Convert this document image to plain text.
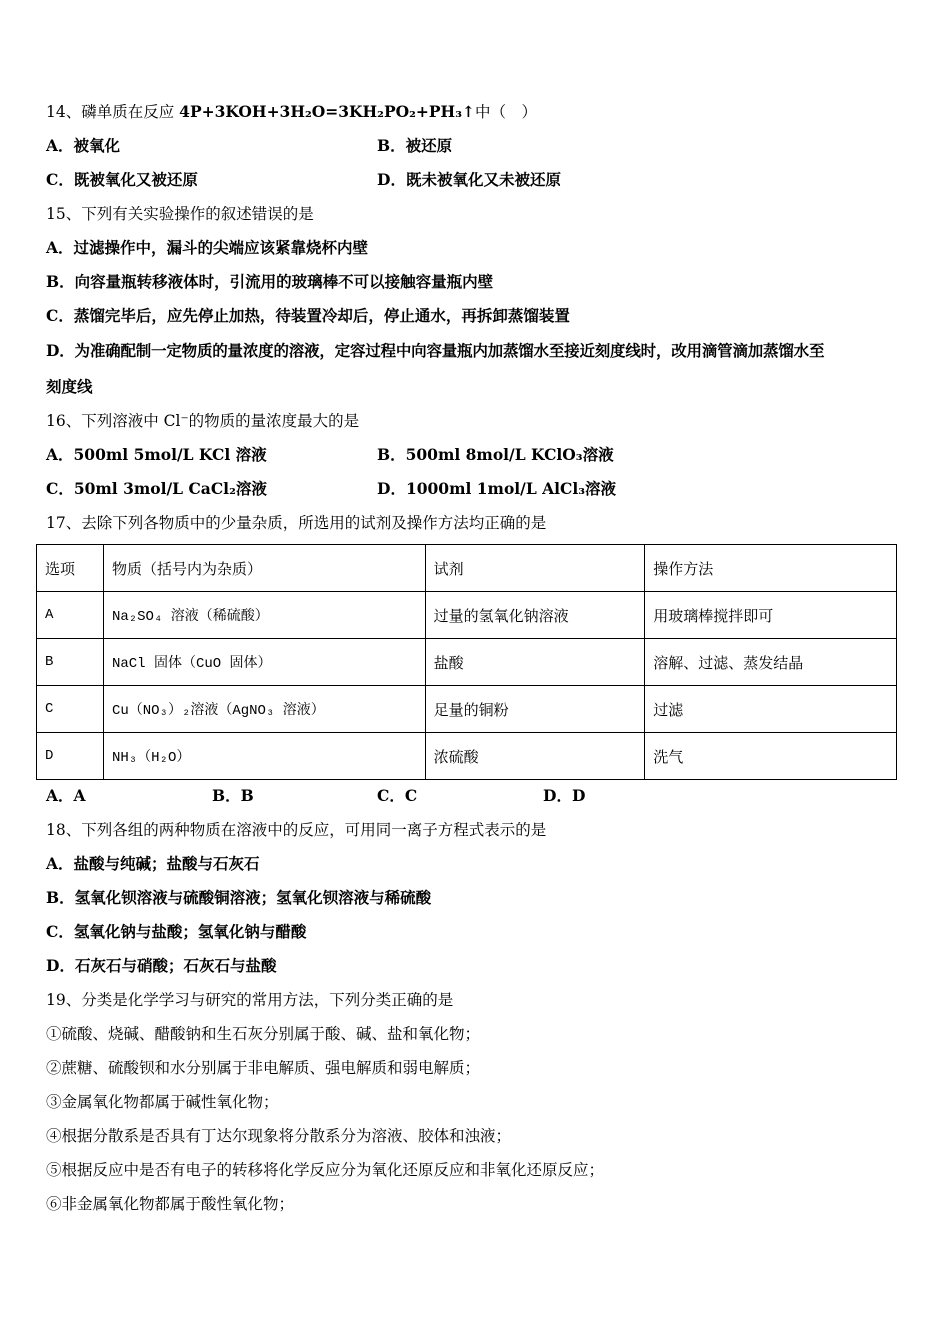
14、磷单质在反应 4P+3KOH+3H₂O=3KH₂PO₂+PH₃↑中（　）
A．被氧化	B．被还原
C．既被氧化又被还原	D．既未被氧化又未被还原
15、下列有关实验操作的叙述错误的是
A．过滤操作中，漏斗的尖端应该紧靠烧杯内壁
B．向容量瓶转移液体时，引流用的玻璃棒不可以接触容量瓶内壁
C．蒸馏完毕后，应先停止加热，待装置冷却后，停止通水，再拆卸蒸馏装置
D．为准确配制一定物质的量浓度的溶液，定容过程中向容量瓶内加蒸馏水至接近刻度线时，改用滴管滴加蒸馏水至
刻度线
16、下列溶液中 Cl⁻的物质的量浓度最大的是
A．500ml 5mol/L KCl 溶液	B．500ml 8mol/L KClO₃溶液
C．50ml 3mol/L CaCl₂溶液	D．1000ml 1mol/L AlCl₃溶液
17、去除下列各物质中的少量杂质，所选用的试剂及操作方法均正确的是
选项	物质（括号内为杂质）	试剂	操作方法
A	Na₂SO₄ 溶液（稀硫酸）	过量的氢氧化钠溶液	用玻璃棒搅拌即可
B	NaCl 固体（CuO 固体）	盐酸	溶解、过滤、蒸发结晶
C	Cu（NO₃）₂溶液（AgNO₃ 溶液）	足量的铜粉	过滤
D	NH₃（H₂O）	浓硫酸	洗气
A．A	B．B	C．C	D．D
18、下列各组的两种物质在溶液中的反应，可用同一离子方程式表示的是
A．盐酸与纯碱；盐酸与石灰石
B．氢氧化钡溶液与硫酸铜溶液；氢氧化钡溶液与稀硫酸
C．氢氧化钠与盐酸；氢氧化钠与醋酸
D．石灰石与硝酸；石灰石与盐酸
19、分类是化学学习与研究的常用方法，下列分类正确的是
①硫酸、烧碱、醋酸钠和生石灰分别属于酸、碱、盐和氧化物；
②蔗糖、硫酸钡和水分别属于非电解质、强电解质和弱电解质；
③金属氧化物都属于碱性氧化物；
④根据分散系是否具有丁达尔现象将分散系分为溶液、胶体和浊液；
⑤根据反应中是否有电子的转移将化学反应分为氧化还原反应和非氧化还原反应；
⑥非金属氧化物都属于酸性氧化物；
